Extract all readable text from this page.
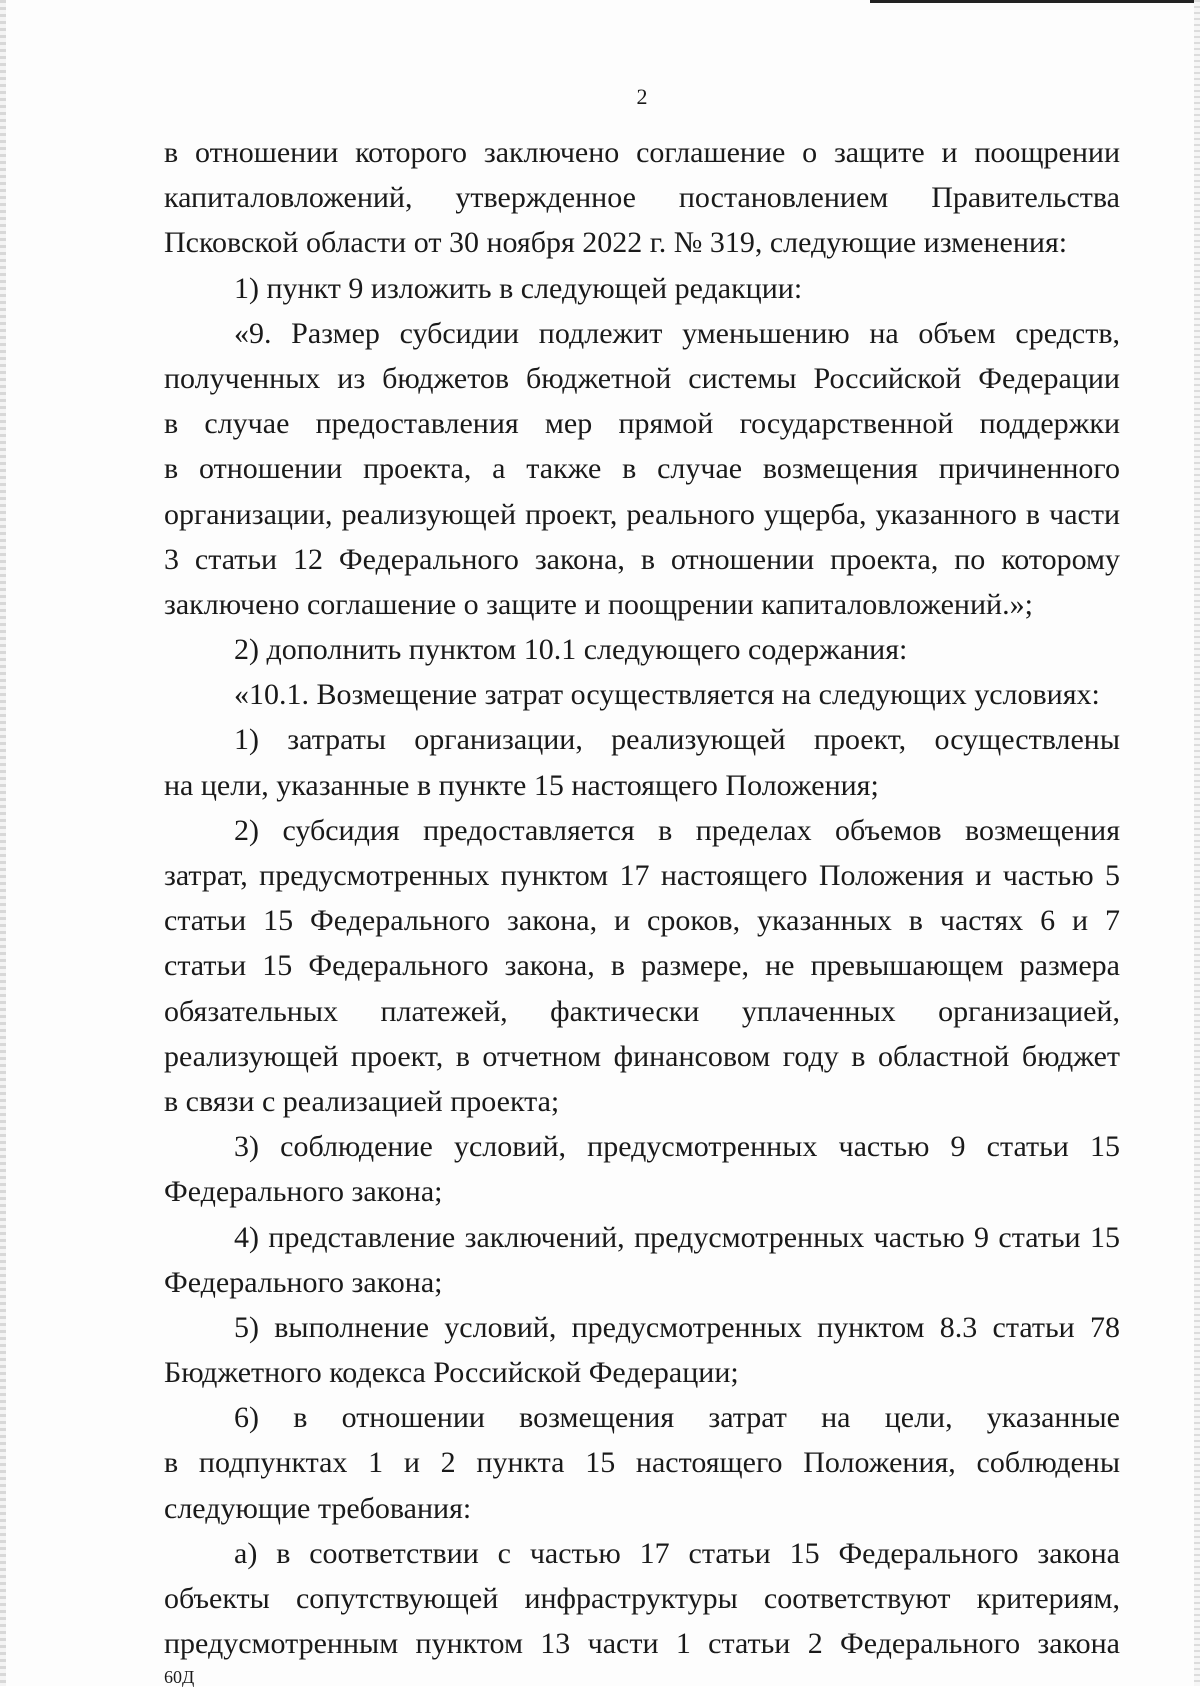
2
в отношении которого заключено соглашение о защите и поощрении
капиталовложений, утвержденное постановлением Правительства
Псковской области от 30 ноября 2022 г. № 319, следующие изменения:
1) пункт 9 изложить в следующей редакции:
«9. Размер субсидии подлежит уменьшению на объем средств,
полученных из бюджетов бюджетной системы Российской Федерации
в случае предоставления мер прямой государственной поддержки
в отношении проекта, а также в случае возмещения причиненного
организации, реализующей проект, реального ущерба, указанного в части
3 статьи 12 Федерального закона, в отношении проекта, по которому
заключено соглашение о защите и поощрении капиталовложений.»;
2) дополнить пунктом 10.1 следующего содержания:
«10.1. Возмещение затрат осуществляется на следующих условиях:
1) затраты организации, реализующей проект, осуществлены
на цели, указанные в пункте 15 настоящего Положения;
2) субсидия предоставляется в пределах объемов возмещения
затрат, предусмотренных пунктом 17 настоящего Положения и частью 5
статьи 15 Федерального закона, и сроков, указанных в частях 6 и 7
статьи 15 Федерального закона, в размере, не превышающем размера
обязательных платежей, фактически уплаченных организацией,
реализующей проект, в отчетном финансовом году в областной бюджет
в связи с реализацией проекта;
3) соблюдение условий, предусмотренных частью 9 статьи 15
Федерального закона;
4) представление заключений, предусмотренных частью 9 статьи 15
Федерального закона;
5) выполнение условий, предусмотренных пунктом 8.3 статьи 78
Бюджетного кодекса Российской Федерации;
6) в отношении возмещения затрат на цели, указанные
в подпунктах 1 и 2 пункта 15 настоящего Положения, соблюдены
следующие требования:
а) в соответствии с частью 17 статьи 15 Федерального закона
объекты сопутствующей инфраструктуры соответствуют критериям,
предусмотренным пунктом 13 части 1 статьи 2 Федерального закона
60Д
